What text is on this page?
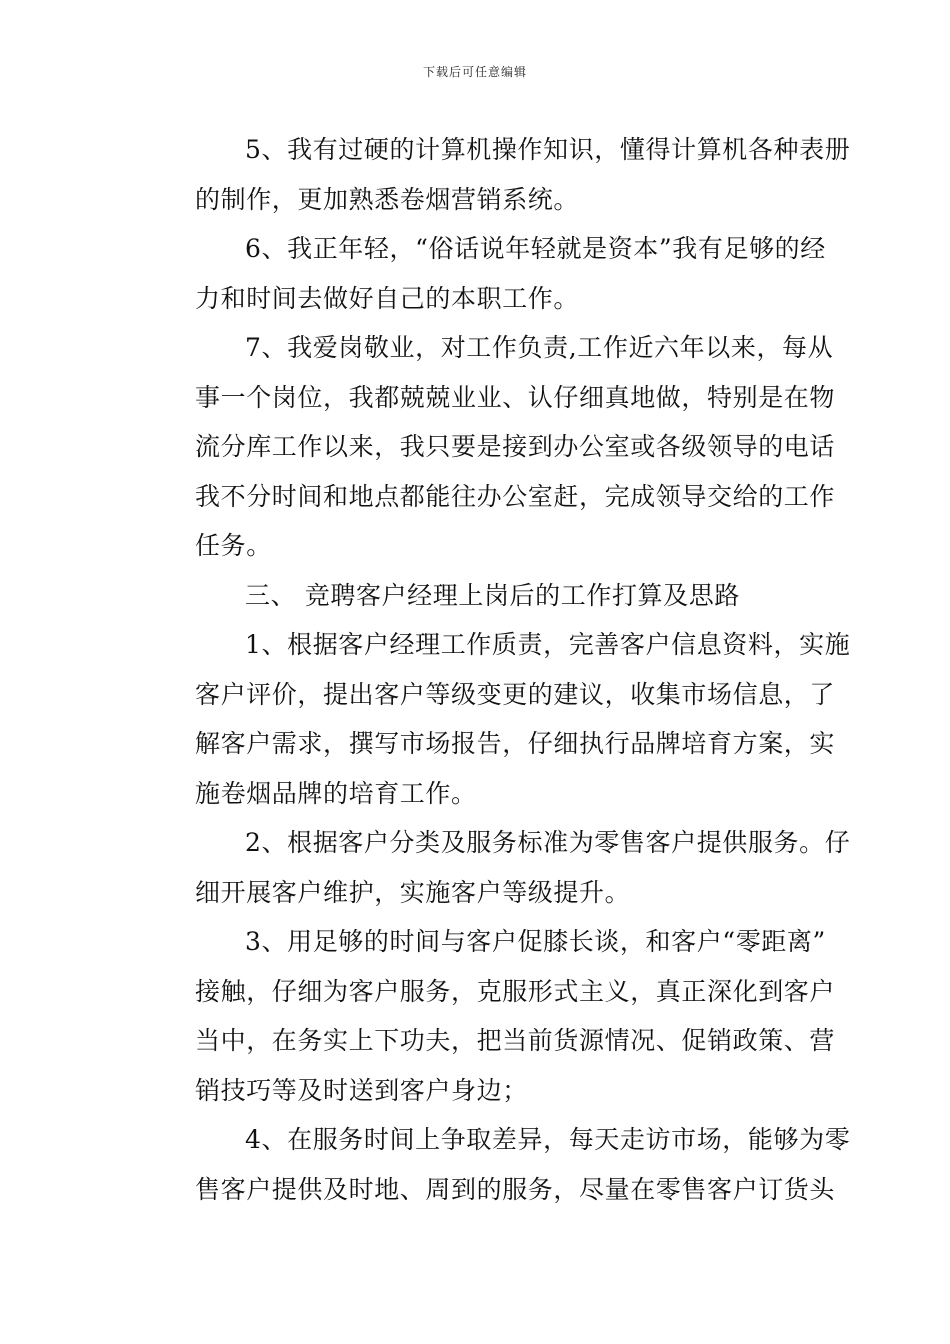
下载后可任意编辑
5、我有过硬的计算机操作知识，懂得计算机各种表册
的制作，更加熟悉卷烟营销系统。
6、我正年轻，“俗话说年轻就是资本”我有足够的经
力和时间去做好自己的本职工作。
7、我爱岗敬业，对工作负责,工作近六年以来，每从
事一个岗位，我都兢兢业业、认仔细真地做，特别是在物
流分库工作以来，我只要是接到办公室或各级领导的电话
我不分时间和地点都能往办公室赶，完成领导交给的工作
任务。
三、 竞聘客户经理上岗后的工作打算及思路
1、根据客户经理工作质责，完善客户信息资料，实施
客户评价，提出客户等级变更的建议，收集市场信息，了
解客户需求，撰写市场报告，仔细执行品牌培育方案，实
施卷烟品牌的培育工作。
2、根据客户分类及服务标准为零售客户提供服务。仔
细开展客户维护，实施客户等级提升。
3、用足够的时间与客户促膝长谈，和客户“零距离”
接触，仔细为客户服务，克服形式主义，真正深化到客户
当中，在务实上下功夫，把当前货源情况、促销政策、营
销技巧等及时送到客户身边；
4、在服务时间上争取差异，每天走访市场，能够为零
售客户提供及时地、周到的服务，尽量在零售客户订货头
